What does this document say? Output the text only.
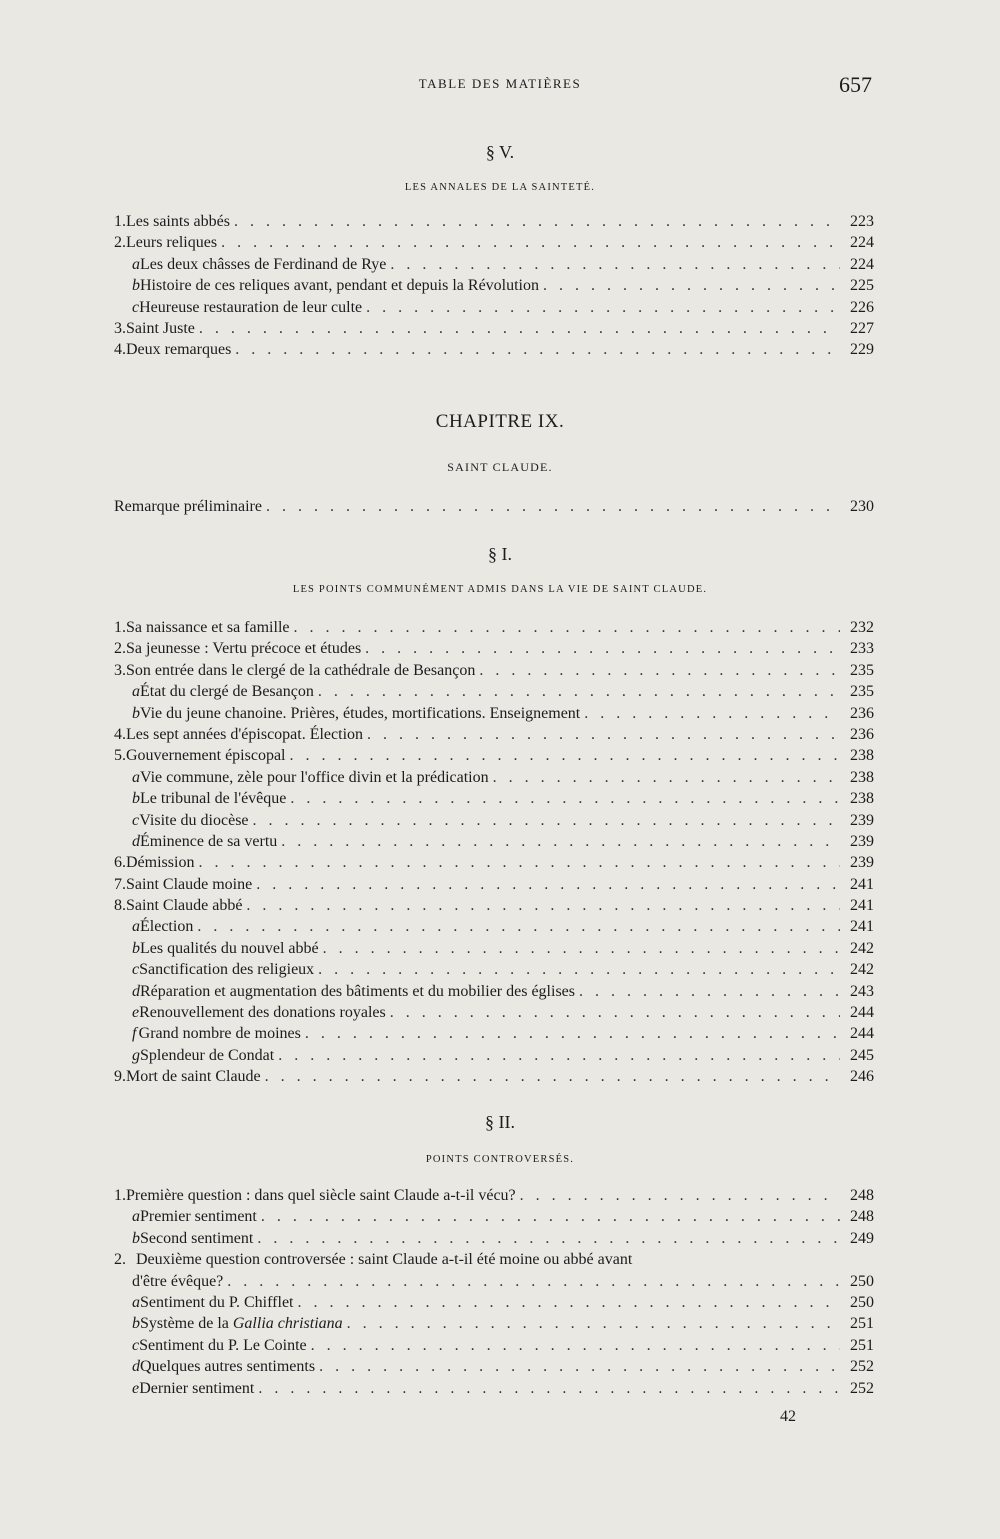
TABLE DES MATIÈRES	657
§ V.
LES ANNALES DE LA SAINTETÉ.
1. Les saints abbés . . .	223
2. Leurs reliques . . .	224
a Les deux châsses de Ferdinand de Rye . . .	224
b Histoire de ces reliques avant, pendant et depuis la Révolution . . .	225
c Heureuse restauration de leur culte . . .	226
3. Saint Juste . . .	227
4. Deux remarques . . .	229
CHAPITRE IX.
SAINT CLAUDE.
Remarque préliminaire . . .	230
§ I.
LES POINTS COMMUNÉMENT ADMIS DANS LA VIE DE SAINT CLAUDE.
1. Sa naissance et sa famille . . .	232
2. Sa jeunesse : Vertu précoce et études . . .	233
3. Son entrée dans le clergé de la cathédrale de Besançon . . .	235
a État du clergé de Besançon . . .	235
b Vie du jeune chanoine. Prières, études, mortifications. Enseignement . . .	236
4. Les sept années d'épiscopat. Élection . . .	236
5. Gouvernement épiscopal . . .	238
a Vie commune, zèle pour l'office divin et la prédication . . .	238
b Le tribunal de l'évêque . . .	238
c Visite du diocèse . . .	239
d Éminence de sa vertu . . .	239
6. Démission . . .	239
7. Saint Claude moine . . .	241
8. Saint Claude abbé . . .	241
a Élection . . .	241
b Les qualités du nouvel abbé . . .	242
c Sanctification des religieux . . .	242
d Réparation et augmentation des bâtiments et du mobilier des églises . . .	243
e Renouvellement des donations royales . . .	244
f Grand nombre de moines . . .	244
g Splendeur de Condat . . .	245
9. Mort de saint Claude . . .	246
§ II.
POINTS CONTROVERSÉS.
1. Première question : dans quel siècle saint Claude a-t-il vécu? . . .	248
a Premier sentiment . . .	248
b Second sentiment . . .	249
2. Deuxième question controversée : saint Claude a-t-il été moine ou abbé avant
d'être évêque? . . .	250
a Sentiment du P. Chifflet . . .	250
b Système de la Gallia christiana . . .	251
c Sentiment du P. Le Cointe . . .	251
d Quelques autres sentiments . . .	252
e Dernier sentiment . . .	252
42
